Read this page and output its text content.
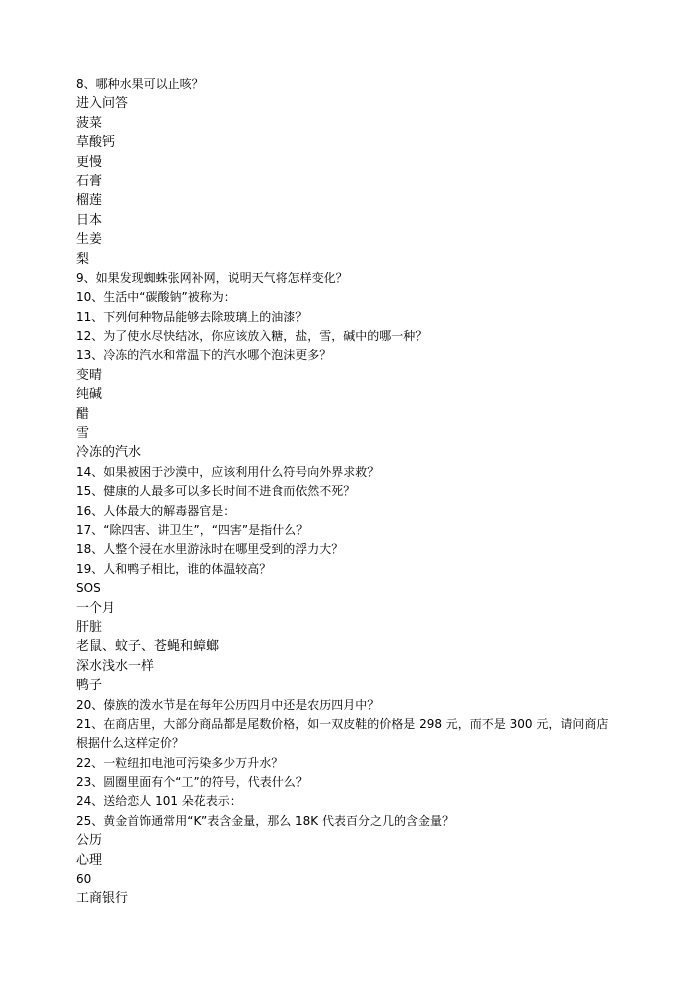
8、哪种水果可以止咳？
进入问答
菠菜
草酸钙
更慢
石膏
榴莲
日本
生姜
梨
9、如果发现蜘蛛张网补网，说明天气将怎样变化？
10、生活中“碳酸钠”被称为：
11、下列何种物品能够去除玻璃上的油漆？
12、为了使水尽快结冰，你应该放入糖，盐，雪，碱中的哪一种？
13、冷冻的汽水和常温下的汽水哪个泡沫更多？
变晴
纯碱
醋
雪
冷冻的汽水
14、如果被困于沙漠中，应该利用什么符号向外界求救？
15、健康的人最多可以多长时间不进食而依然不死？
16、人体最大的解毒器官是：
17、“除四害、讲卫生”，“四害”是指什么？
18、人整个浸在水里游泳时在哪里受到的浮力大？
19、人和鸭子相比，谁的体温较高？
SOS
一个月
肝脏
老鼠、蚊子、苍蝇和蟑螂
深水浅水一样
鸭子
20、傣族的泼水节是在每年公历四月中还是农历四月中？
21、在商店里，大部分商品都是尾数价格，如一双皮鞋的价格是 298 元，而不是 300 元，请问商店
根据什么这样定价？
22、一粒纽扣电池可污染多少万升水？
23、圆圈里面有个“工”的符号，代表什么？
24、送给恋人 101 朵花表示：
25、黄金首饰通常用“K”表含金量，那么 18K 代表百分之几的含金量？
公历
心理
60
工商银行
